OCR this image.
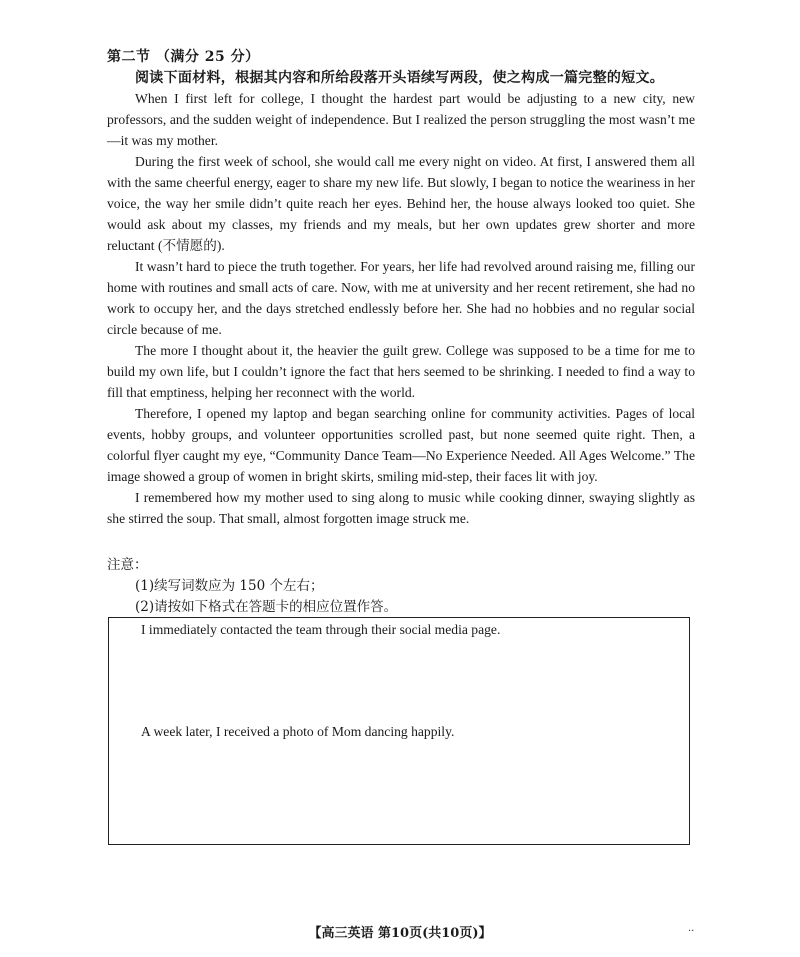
第二节 （满分 25 分）
阅读下面材料，根据其内容和所给段落开头语续写两段，使之构成一篇完整的短文。

When I first left for college, I thought the hardest part would be adjusting to a new city, new professors, and the sudden weight of independence. But I realized the person struggling the most wasn’t me—it was my mother.

During the first week of school, she would call me every night on video. At first, I answered them all with the same cheerful energy, eager to share my new life. But slowly, I began to notice the weariness in her voice, the way her smile didn’t quite reach her eyes. Behind her, the house always looked too quiet. She would ask about my classes, my friends and my meals, but her own updates grew shorter and more reluctant (不情愿的).

It wasn’t hard to piece the truth together. For years, her life had revolved around raising me, filling our home with routines and small acts of care. Now, with me at university and her recent retirement, she had no work to occupy her, and the days stretched endlessly before her. She had no hobbies and no regular social circle because of me.

The more I thought about it, the heavier the guilt grew. College was supposed to be a time for me to build my own life, but I couldn’t ignore the fact that hers seemed to be shrinking. I needed to find a way to fill that emptiness, helping her reconnect with the world.

Therefore, I opened my laptop and began searching online for community activities. Pages of local events, hobby groups, and volunteer opportunities scrolled past, but none seemed quite right. Then, a colorful flyer caught my eye, “Community Dance Team—No Experience Needed. All Ages Welcome.” The image showed a group of women in bright skirts, smiling mid-step, their faces lit with joy.

I remembered how my mother used to sing along to music while cooking dinner, swaying slightly as she stirred the soup. That small, almost forgotten image struck me.

注意：
(1)续写词数应为 150 个左右；
(2)请按如下格式在答题卡的相应位置作答。
I immediately contacted the team through their social media page.
A week later, I received a photo of Mom dancing happily.
【高三英语 第10页(共10页)】	··
